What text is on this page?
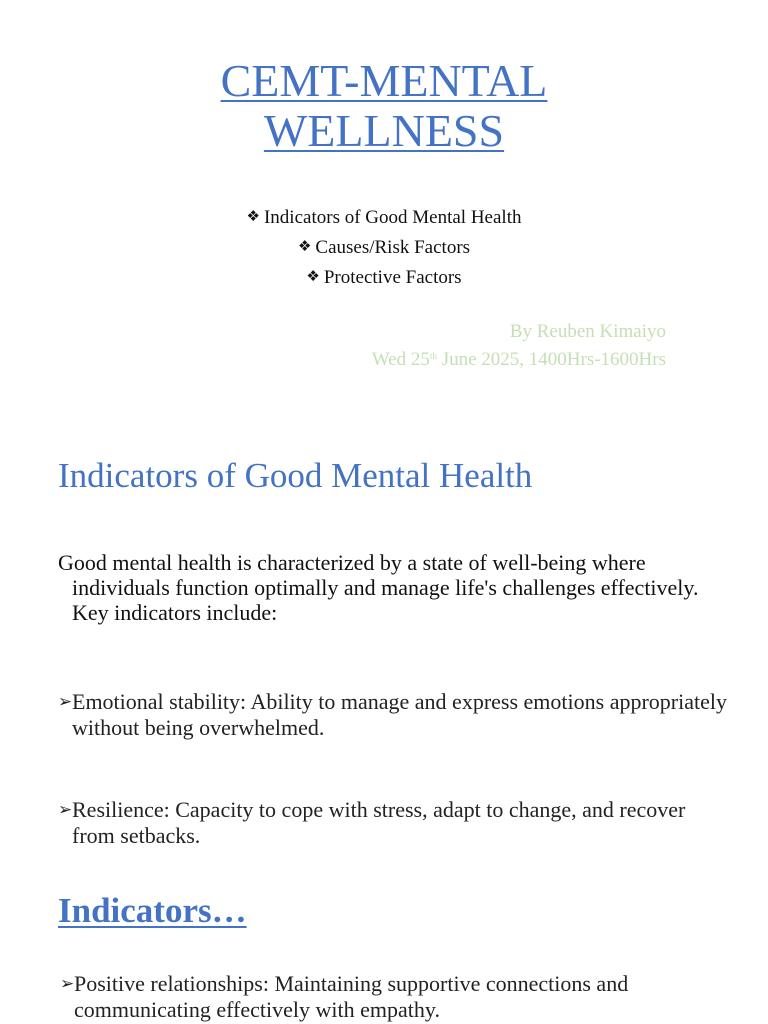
CEMT-MENTAL
WELLNESS
❖ Indicators of Good Mental Health
❖ Causes/Risk Factors
❖ Protective Factors
By Reuben Kimaiyo
Wed 25th June 2025, 1400Hrs-1600Hrs
Indicators of Good Mental Health

Good mental health is characterized by a state of well-being where individuals function optimally and manage life's challenges effectively. Key indicators include:

➢Emotional stability: Ability to manage and express emotions appropriately without being overwhelmed.

➢Resilience: Capacity to cope with stress, adapt to change, and recover from setbacks.

Indicators…

➢Positive relationships: Maintaining supportive connections and communicating effectively with empathy.
